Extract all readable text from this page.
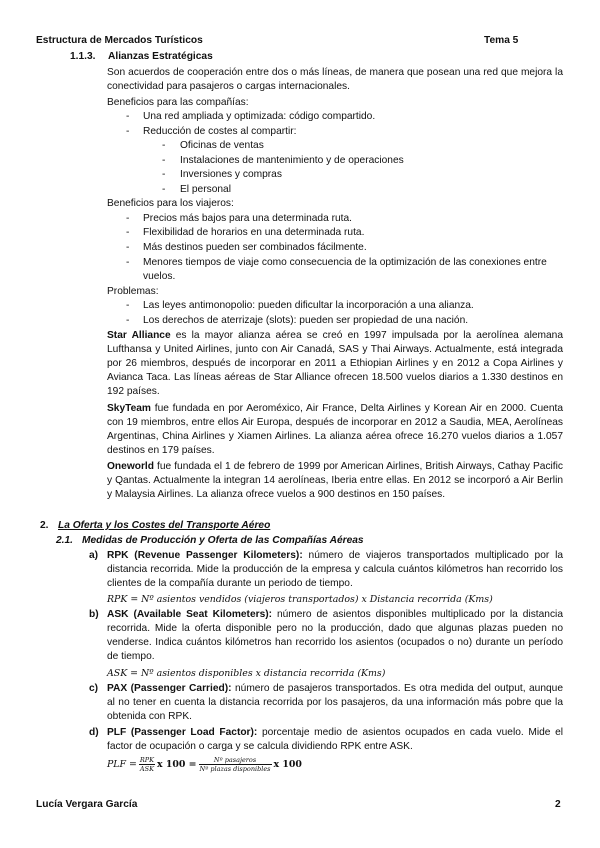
Estructura de Mercados Turísticos	Tema 5
1.1.3. Alianzas Estratégicas
Son acuerdos de cooperación entre dos o más líneas, de manera que posean una red que mejora la conectividad para pasajeros o cargas internacionales.
Beneficios para las compañías:
-	Una red ampliada y optimizada: código compartido.
-	Reducción de costes al compartir:
-	Oficinas de ventas
-	Instalaciones de mantenimiento y de operaciones
-	Inversiones y compras
-	El personal
Beneficios para los viajeros:
-	Precios más bajos para una determinada ruta.
-	Flexibilidad de horarios en una determinada ruta.
-	Más destinos pueden ser combinados fácilmente.
-	Menores tiempos de viaje como consecuencia de la optimización de las conexiones entre vuelos.
Problemas:
-	Las leyes antimonopolio: pueden dificultar la incorporación a una alianza.
-	Los derechos de aterrizaje (slots): pueden ser propiedad de una nación.
Star Alliance es la mayor alianza aérea se creó en 1997 impulsada por la aerolínea alemana Lufthansa y United Airlines, junto con Air Canadá, SAS y Thai Airways. Actualmente, está integrada por 26 miembros, después de incorporar en 2011 a Ethiopian Airlines y en 2012 a Copa Airlines y Avianca Taca. Las líneas aéreas de Star Alliance ofrecen 18.500 vuelos diarios a 1.330 destinos en 192 países.
SkyTeam fue fundada en por Aeroméxico, Air France, Delta Airlines y Korean Air en 2000. Cuenta con 19 miembros, entre ellos Air Europa, después de incorporar en 2012 a Saudia, MEA, Aerolíneas Argentinas, China Airlines y Xiamen Airlines. La alianza aérea ofrece 16.270 vuelos diarios a 1.057 destinos en 179 países.
Oneworld fue fundada el 1 de febrero de 1999 por American Airlines, British Airways, Cathay Pacific y Qantas. Actualmente la integran 14 aerolíneas, Iberia entre ellas. En 2012 se incorporó a Air Berlin y Malaysia Airlines. La alianza ofrece vuelos a 900 destinos en 150 países.
2. La Oferta y los Costes del Transporte Aéreo
2.1. Medidas de Producción y Oferta de las Compañías Aéreas
a) RPK (Revenue Passenger Kilometers): número de viajeros transportados multiplicado por la distancia recorrida. Mide la producción de la empresa y calcula cuántos kilómetros han recorrido los clientes de la compañía durante un periodo de tiempo.
RPK = Nº asientos vendidos (viajeros transportados) x Distancia recorrida (Kms)
b) ASK (Available Seat Kilometers): número de asientos disponibles multiplicado por la distancia recorrida. Mide la oferta disponible pero no la producción, dado que algunas plazas pueden no venderse. Indica cuántos kilómetros han recorrido los asientos (ocupados o no) durante un período de tiempo.
ASK = Nº asientos disponibles x distancia recorrida (Kms)
c) PAX (Passenger Carried): número de pasajeros transportados. Es otra medida del output, aunque al no tener en cuenta la distancia recorrida por los pasajeros, da una información más pobre que la obtenida con RPK.
d) PLF (Passenger Load Factor): porcentaje medio de asientos ocupados en cada vuelo. Mide el factor de ocupación o carga y se calcula dividiendo RPK entre ASK.
PLF = $\frac{\text{RPK}}{\text{ASK}}$ x $100 = \frac{\text{Nº pasajeros}}{\text{Nº plazas disponibles}}$ x 100
Lucía Vergara García	2
